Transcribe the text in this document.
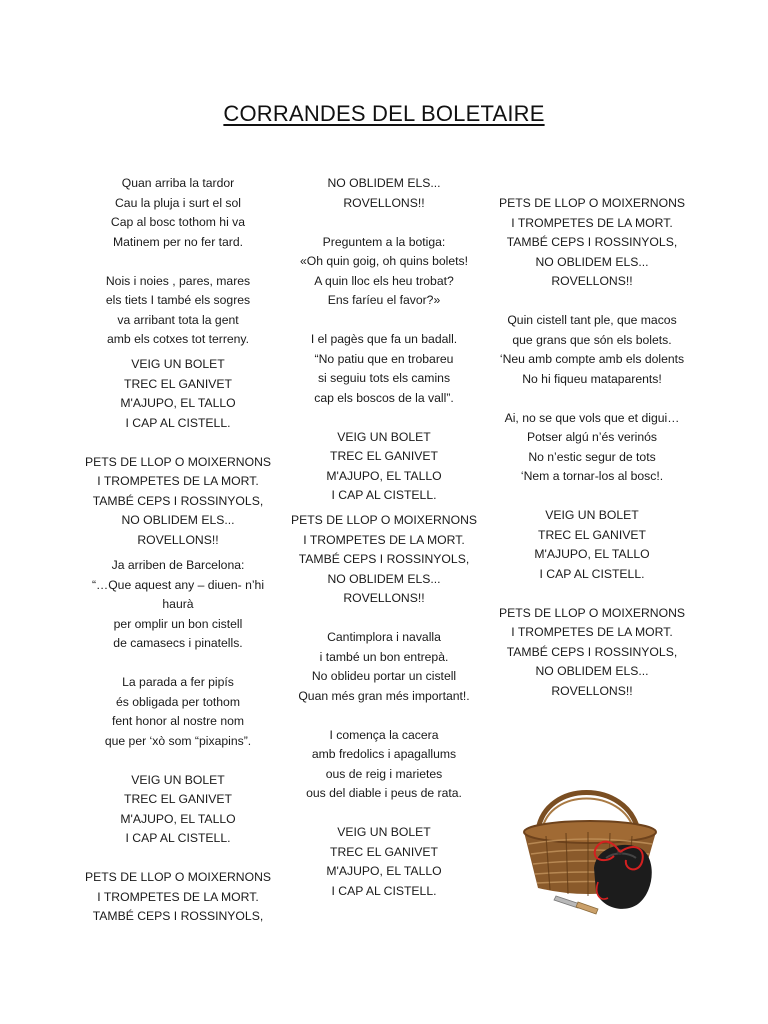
CORRANDES DEL BOLETAIRE
Quan arriba la tardor
Cau la pluja i surt el sol
Cap al bosc tothom hi va
Matinem per no fer tard.
Nois i noies , pares, mares
els tiets I també els sogres
va arribant tota la gent
amb els cotxes tot terreny.
VEIG UN BOLET
TREC EL GANIVET
M'AJUPO, EL TALLO
I CAP AL CISTELL.
PETS DE LLOP O MOIXERNONS
I TROMPETES DE LA MORT.
TAMBÉ CEPS I ROSSINYOLS,
NO OBLIDEM ELS...
ROVELLONS!!
Ja arriben de Barcelona:
“…Que aquest any – diuen- n’hi
haurà
per omplir un bon cistell
de camasecs i pinatells.
La parada a fer pipís
és obligada per tothom
fent honor al nostre nom
que per ‘xò som “pixapins”.
VEIG UN BOLET
TREC EL GANIVET
M'AJUPO, EL TALLO
I CAP AL CISTELL.
PETS DE LLOP O MOIXERNONS
I TROMPETES DE LA MORT.
TAMBÉ CEPS I ROSSINYOLS,
NO OBLIDEM ELS...
ROVELLONS!!
Preguntem a la botiga:
«Oh quin goig, oh quins bolets!
A quin lloc els heu trobat?
Ens faríeu el favor?»
I el pagès que fa un badall.
“No patiu que en trobareu
si seguiu tots els camins
cap els boscos de la vall”.
VEIG UN BOLET
TREC EL GANIVET
M'AJUPO, EL TALLO
I CAP AL CISTELL.
PETS DE LLOP O MOIXERNONS
I TROMPETES DE LA MORT.
TAMBÉ CEPS I ROSSINYOLS,
NO OBLIDEM ELS...
ROVELLONS!!
Cantimplora i navalla
i també un bon entrepà.
No oblideu portar un cistell
Quan més gran més important!.
I comença la cacera
amb fredolics i apagallums
ous de reig i marietes
ous del diable i peus de rata.
VEIG UN BOLET
TREC EL GANIVET
M'AJUPO, EL TALLO
I CAP AL CISTELL.
PETS DE LLOP O MOIXERNONS
I TROMPETES DE LA MORT.
TAMBÉ CEPS I ROSSINYOLS,
NO OBLIDEM ELS...
ROVELLONS!!
Quin cistell tant ple, que macos
que grans que són els bolets.
‘Neu amb compte amb els dolents
No hi fiqueu mataparents!
Ai, no se que vols que et digui…
Potser algú n’és verinós
No n’estic segur de tots
‘Nem a tornar-los al bosc!.
VEIG UN BOLET
TREC EL GANIVET
M'AJUPO, EL TALLO
I CAP AL CISTELL.
PETS DE LLOP O MOIXERNONS
I TROMPETES DE LA MORT.
TAMBÉ CEPS I ROSSINYOLS,
NO OBLIDEM ELS...
ROVELLONS!!
